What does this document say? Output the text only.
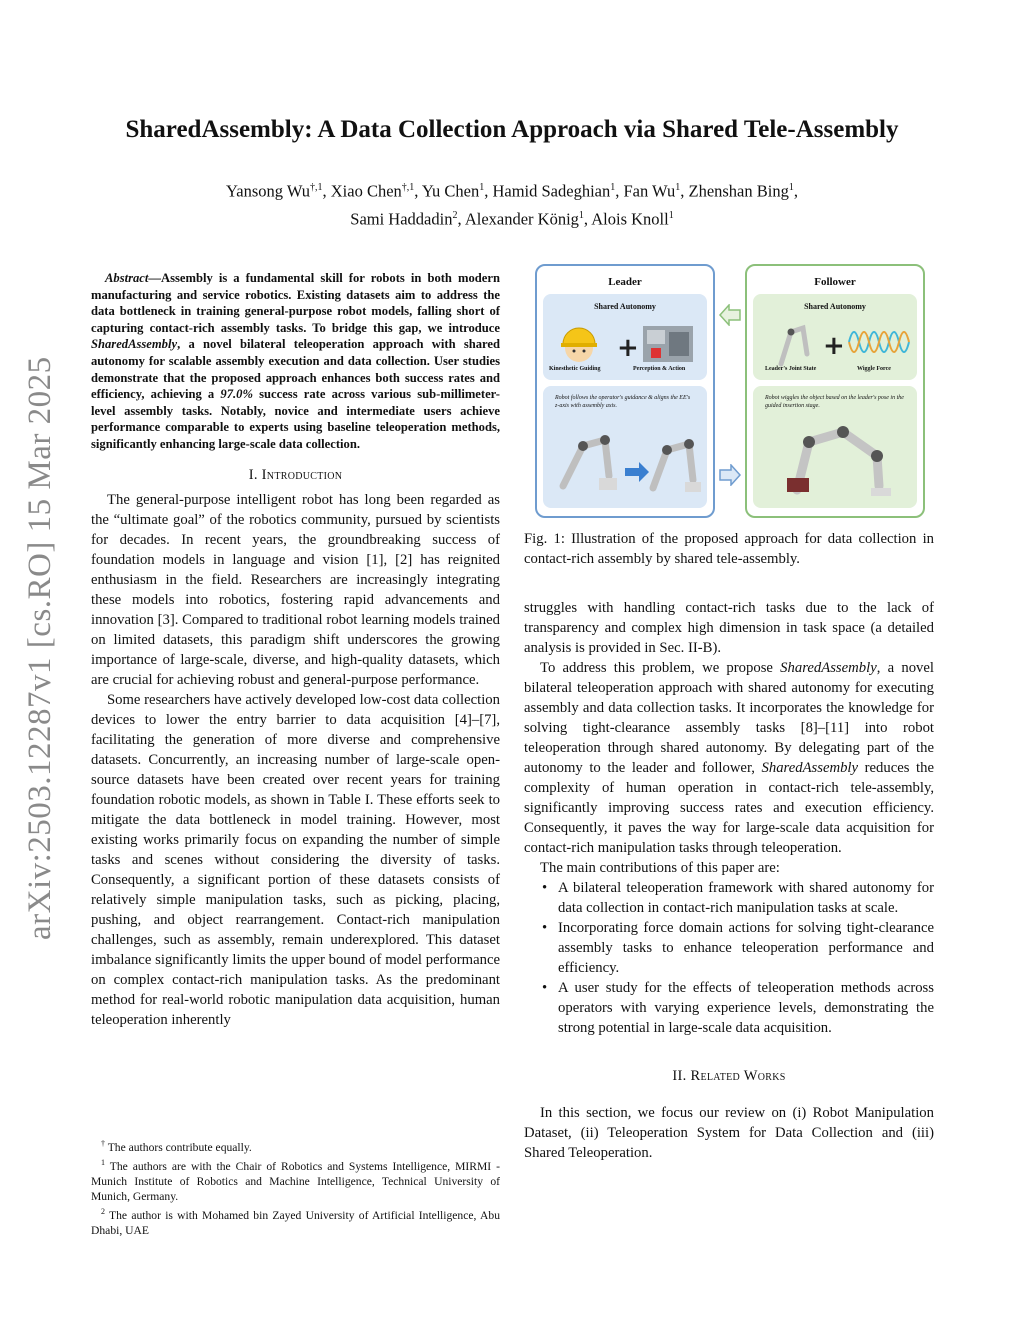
arXiv:2503.12287v1 [cs.RO] 15 Mar 2025
SharedAssembly: A Data Collection Approach via Shared Tele-Assembly
Yansong $Wu^{\dagger,1}$, Xiao Chen$^{\dagger,1}$, Yu Chen$^1$, Hamid Sadeghian$^1$, Fan Wu$^1$, Zhenshan Bing$^1$,
Sami Haddadin$^2$, Alexander König$^1$, Alois Knoll$^1$

Abstract—Assembly is a fundamental skill for robots in both modern manufacturing and service robotics. Existing datasets aim to address the data bottleneck in training general-purpose robot models, falling short of capturing contact-rich assembly tasks. To bridge this gap, we introduce SharedAssembly, a novel bilateral teleoperation approach with shared autonomy for scalable assembly execution and data collection. User studies demonstrate that the proposed approach enhances both success rates and efficiency, achieving a 97.0% success rate across various sub-millimeter-level assembly tasks. Notably, novice and intermediate users achieve performance comparable to experts using baseline teleoperation methods, significantly enhancing large-scale data collection.

I. Introduction

The general-purpose intelligent robot has long been regarded as the “ultimate goal” of the robotics community, pursued by scientists for decades. In recent years, the groundbreaking success of foundation models in language and vision [1], [2] has reignited enthusiasm in the field. Researchers are increasingly integrating these models into robotics, fostering rapid advancements and innovation [3]. Compared to traditional robot learning models trained on limited datasets, this paradigm shift underscores the growing importance of large-scale, diverse, and high-quality datasets, which are crucial for achieving robust and general-purpose performance.

Some researchers have actively developed low-cost data collection devices to lower the entry barrier to data acquisition [4]–[7], facilitating the generation of more diverse and comprehensive datasets. Concurrently, an increasing number of large-scale open-source datasets have been created over recent years for training foundation robotic models, as shown in Table I. These efforts seek to mitigate the data bottleneck in model training. However, most existing works primarily focus on expanding the number of simple tasks and scenes without considering the diversity of tasks. Consequently, a significant portion of these datasets consists of relatively simple manipulation tasks, such as picking, placing, pushing, and object rearrangement. Contact-rich manipulation challenges, such as assembly, remain underexplored. This dataset imbalance significantly limits the upper bound of model performance on complex contact-rich manipulation tasks. As the predominant method for real-world robotic manipulation data acquisition, human teleoperation inherently

† The authors contribute equally.

$^1$ The authors are with the Chair of Robotics and Systems Intelligence, MIRMI - Munich Institute of Robotics and Machine Intelligence, Technical University of Munich, Germany.

$^2$ The author is with Mohamed bin Zayed University of Artificial Intelligence, Abu Dhabi, UAE

Leader
Shared Autonomy
+
Kinesthetic Guiding	Perception & Action
Robot follows the operator's guidance & aligns the EE's z-axis with assembly axis.
Follower
Shared Autonomy
+
Leader's Joint State	Wiggle Force
Robot wiggles the object based on the leader's pose in the guided insertion stage.
Fig. 1: Illustration of the proposed approach for data collection in contact-rich assembly by shared tele-assembly.

struggles with handling contact-rich tasks due to the lack of transparency and complex high dimension in task space (a detailed analysis is provided in Sec. II-B).

To address this problem, we propose SharedAssembly, a novel bilateral teleoperation approach with shared autonomy for executing assembly and data collection tasks. It incorporates the knowledge for solving tight-clearance assembly tasks [8]–[11] into robot teleoperation through shared autonomy. By delegating part of the autonomy to the leader and follower, SharedAssembly reduces the complexity of human operation in contact-rich tele-assembly, significantly improving success rates and execution efficiency. Consequently, it paves the way for large-scale data acquisition for contact-rich manipulation tasks through teleoperation.

The main contributions of this paper are:

• A bilateral teleoperation framework with shared autonomy for data collection in contact-rich manipulation tasks at scale.
• Incorporating force domain actions for solving tight-clearance assembly tasks to enhance teleoperation performance and efficiency.
• A user study for the effects of teleoperation methods across operators with varying experience levels, demonstrating the strong potential in large-scale data acquisition.
II. Related Works

In this section, we focus our review on (i) Robot Manipulation Dataset, (ii) Teleoperation System for Data Collection and (iii) Shared Teleoperation.
